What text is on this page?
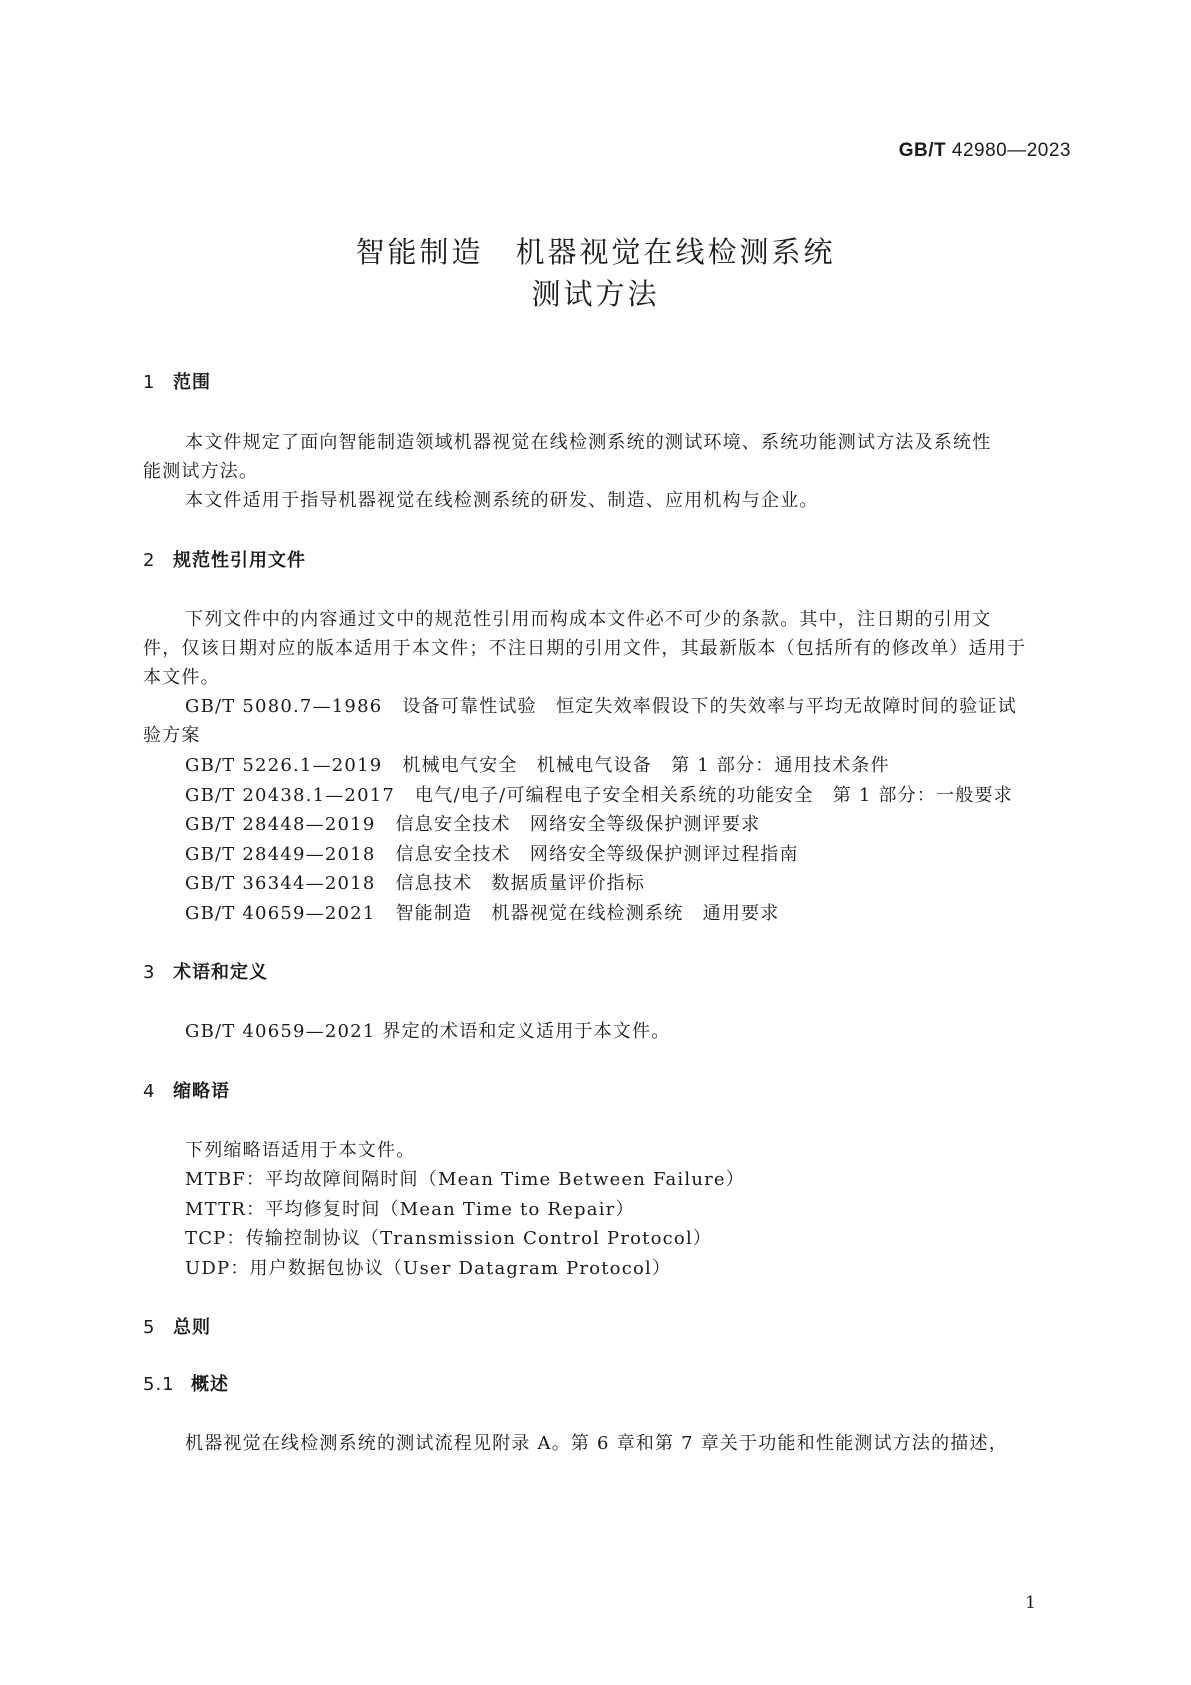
GB/T 42980—2023
智能制造　机器视觉在线检测系统
测试方法
1 范围
本文件规定了面向智能制造领域机器视觉在线检测系统的测试环境、系统功能测试方法及系统性
能测试方法。
本文件适用于指导机器视觉在线检测系统的研发、制造、应用机构与企业。
2 规范性引用文件
下列文件中的内容通过文中的规范性引用而构成本文件必不可少的条款。其中，注日期的引用文
件，仅该日期对应的版本适用于本文件；不注日期的引用文件，其最新版本（包括所有的修改单）适用于
本文件。
GB/T 5080.7—1986 设备可靠性试验　恒定失效率假设下的失效率与平均无故障时间的验证试
验方案
GB/T 5226.1—2019 机械电气安全　机械电气设备　第 1 部分：通用技术条件
GB/T 20438.1—2017 电气/电子/可编程电子安全相关系统的功能安全　第 1 部分：一般要求
GB/T 28448—2019 信息安全技术　网络安全等级保护测评要求
GB/T 28449—2018 信息安全技术　网络安全等级保护测评过程指南
GB/T 36344—2018 信息技术　数据质量评价指标
GB/T 40659—2021 智能制造　机器视觉在线检测系统　通用要求
3 术语和定义
GB/T 40659—2021 界定的术语和定义适用于本文件。
4 缩略语
下列缩略语适用于本文件。
MTBF：平均故障间隔时间（Mean Time Between Failure）
MTTR：平均修复时间（Mean Time to Repair）
TCP：传输控制协议（Transmission Control Protocol）
UDP：用户数据包协议（User Datagram Protocol）
5 总则
5.1 概述
机器视觉在线检测系统的测试流程见附录 A。第 6 章和第 7 章关于功能和性能测试方法的描述，
1
